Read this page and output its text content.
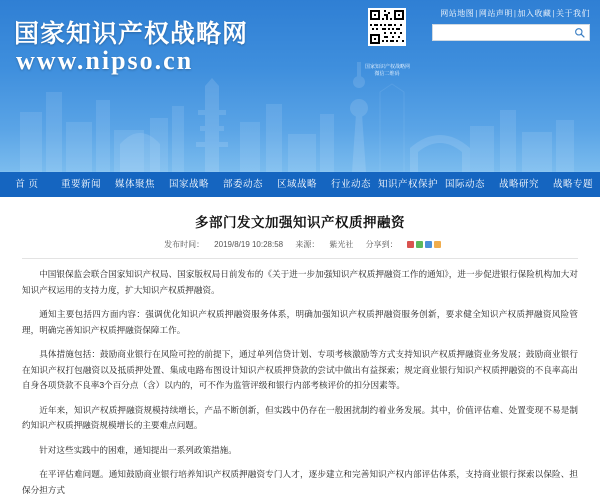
国家知识产权战略网
www.nipso.cn	国家知识产权战略网
微信二维码
网站地图|网站声明|加入收藏|关于我们
首 页	重要新闻	媒体聚焦	国家战略	部委动态	区域战略	行业动态 知识产权保护 国际动态	战略研究	战略专题
多部门发文加强知识产权质押融资
发布时间： 2019/8/19 10:28:58 来源： 紫光社 分享到：

中国银保监会联合国家知识产权局、国家版权局日前发布的《关于进一步加强知识产权质押融资工作的通知》，进一步促进银行保险机构加大对知识产权运用的支持力度，扩大知识产权质押融资。

通知主要包括四方面内容：强调优化知识产权质押融资服务体系，明确加强知识产权质押融资服务创新，要求健全知识产权质押融资风险管理，明确完善知识产权质押融资保障工作。

具体措施包括：鼓励商业银行在风险可控的前提下，通过单列信贷计划、专项考核激励等方式支持知识产权质押融资业务发展；鼓励商业银行在知识产权打包融资以及抵质押处置、集成电路布图设计知识产权质押贷款的尝试中做出有益探索；规定商业银行知识产权质押融资的不良率高出自身各项贷款不良率3个百分点（含）以内的，可不作为监管评级和银行内部考核评价的扣分因素等。

近年来，知识产权质押融资规模持续增长，产品不断创新，但实践中仍存在一般困扰制约着业务发展。其中，价值评估难、处置变现不易是制约知识产权质押融资规模增长的主要难点问题。

针对这些实践中的困难，通知提出一系列政策措施。

在平评估难问题。通知鼓励商业银行培养知识产权质押融资专门人才，逐步建立和完善知识产权内部评估体系，支持商业银行探索以保险、担保分担方式
